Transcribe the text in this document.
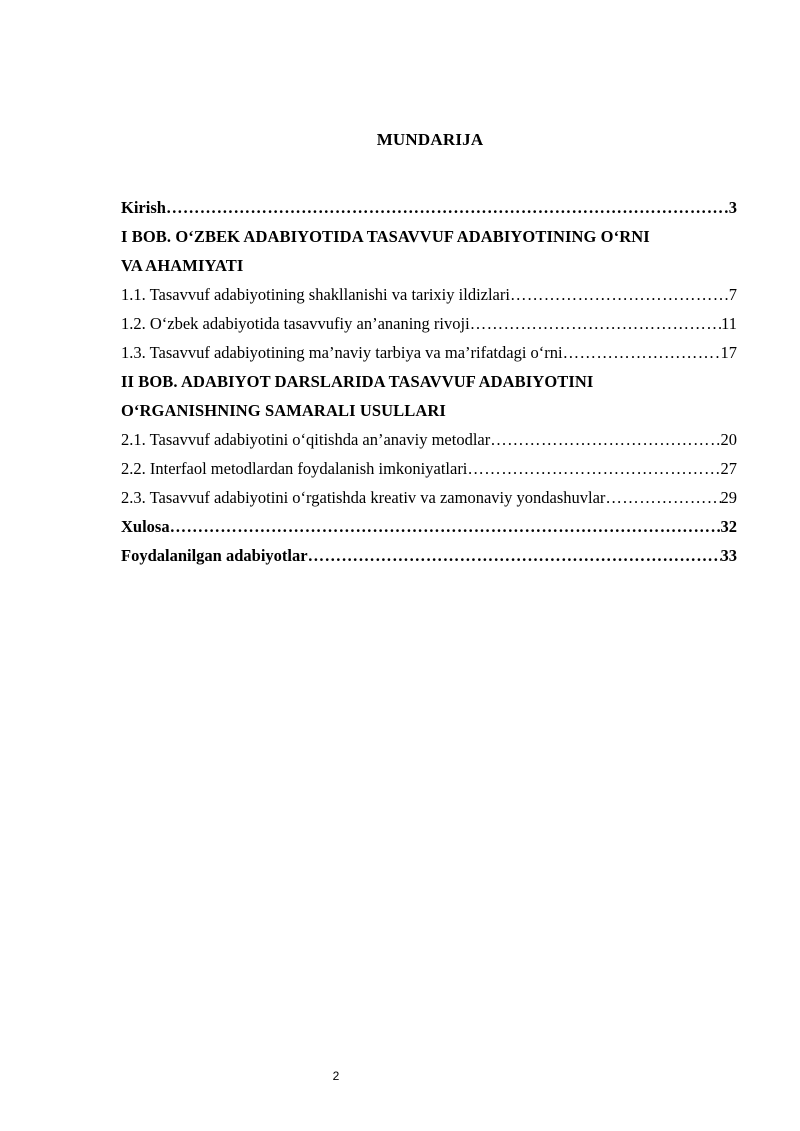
MUNDARIJA
Kirish ………………………………………………………………………………………………………………………………………………………………………………………………	3
I BOB. O‘ZBEK ADABIYOTIDA TASAVVUF ADABIYOTINING O‘RNI
VA AHAMIYATI
1.1. Tasavvuf adabiyotining shakllanishi va tarixiy ildizlari ………………………………………………………………………………………………………………………………………………………………………………………………	7
1.2. O‘zbek adabiyotida tasavvufiy an’ananing rivoji ………………………………………………………………………………………………………………………………………………………………………………………………	11
1.3. Tasavvuf adabiyotining ma’naviy tarbiya va ma’rifatdagi o‘rni ………………………………………………………………………………………………………………………………………………………………………………………………	17
II BOB. ADABIYOT DARSLARIDA TASAVVUF ADABIYOTINI
O‘RGANISHNING SAMARALI USULLARI
2.1. Tasavvuf adabiyotini o‘qitishda an’anaviy metodlar ………………………………………………………………………………………………………………………………………………………………………………………………	20
2.2. Interfaol metodlardan foydalanish imkoniyatlari ………………………………………………………………………………………………………………………………………………………………………………………………	27
2.3. Tasavvuf adabiyotini o‘rgatishda kreativ va zamonaviy yondashuvlar ………………………………………………………………………………………………………………………………………………………………………………………………	29
Xulosa ………………………………………………………………………………………………………………………………………………………………………………………………	32
Foydalanilgan adabiyotlar ………………………………………………………………………………………………………………………………………………………………………………………………	33
2
